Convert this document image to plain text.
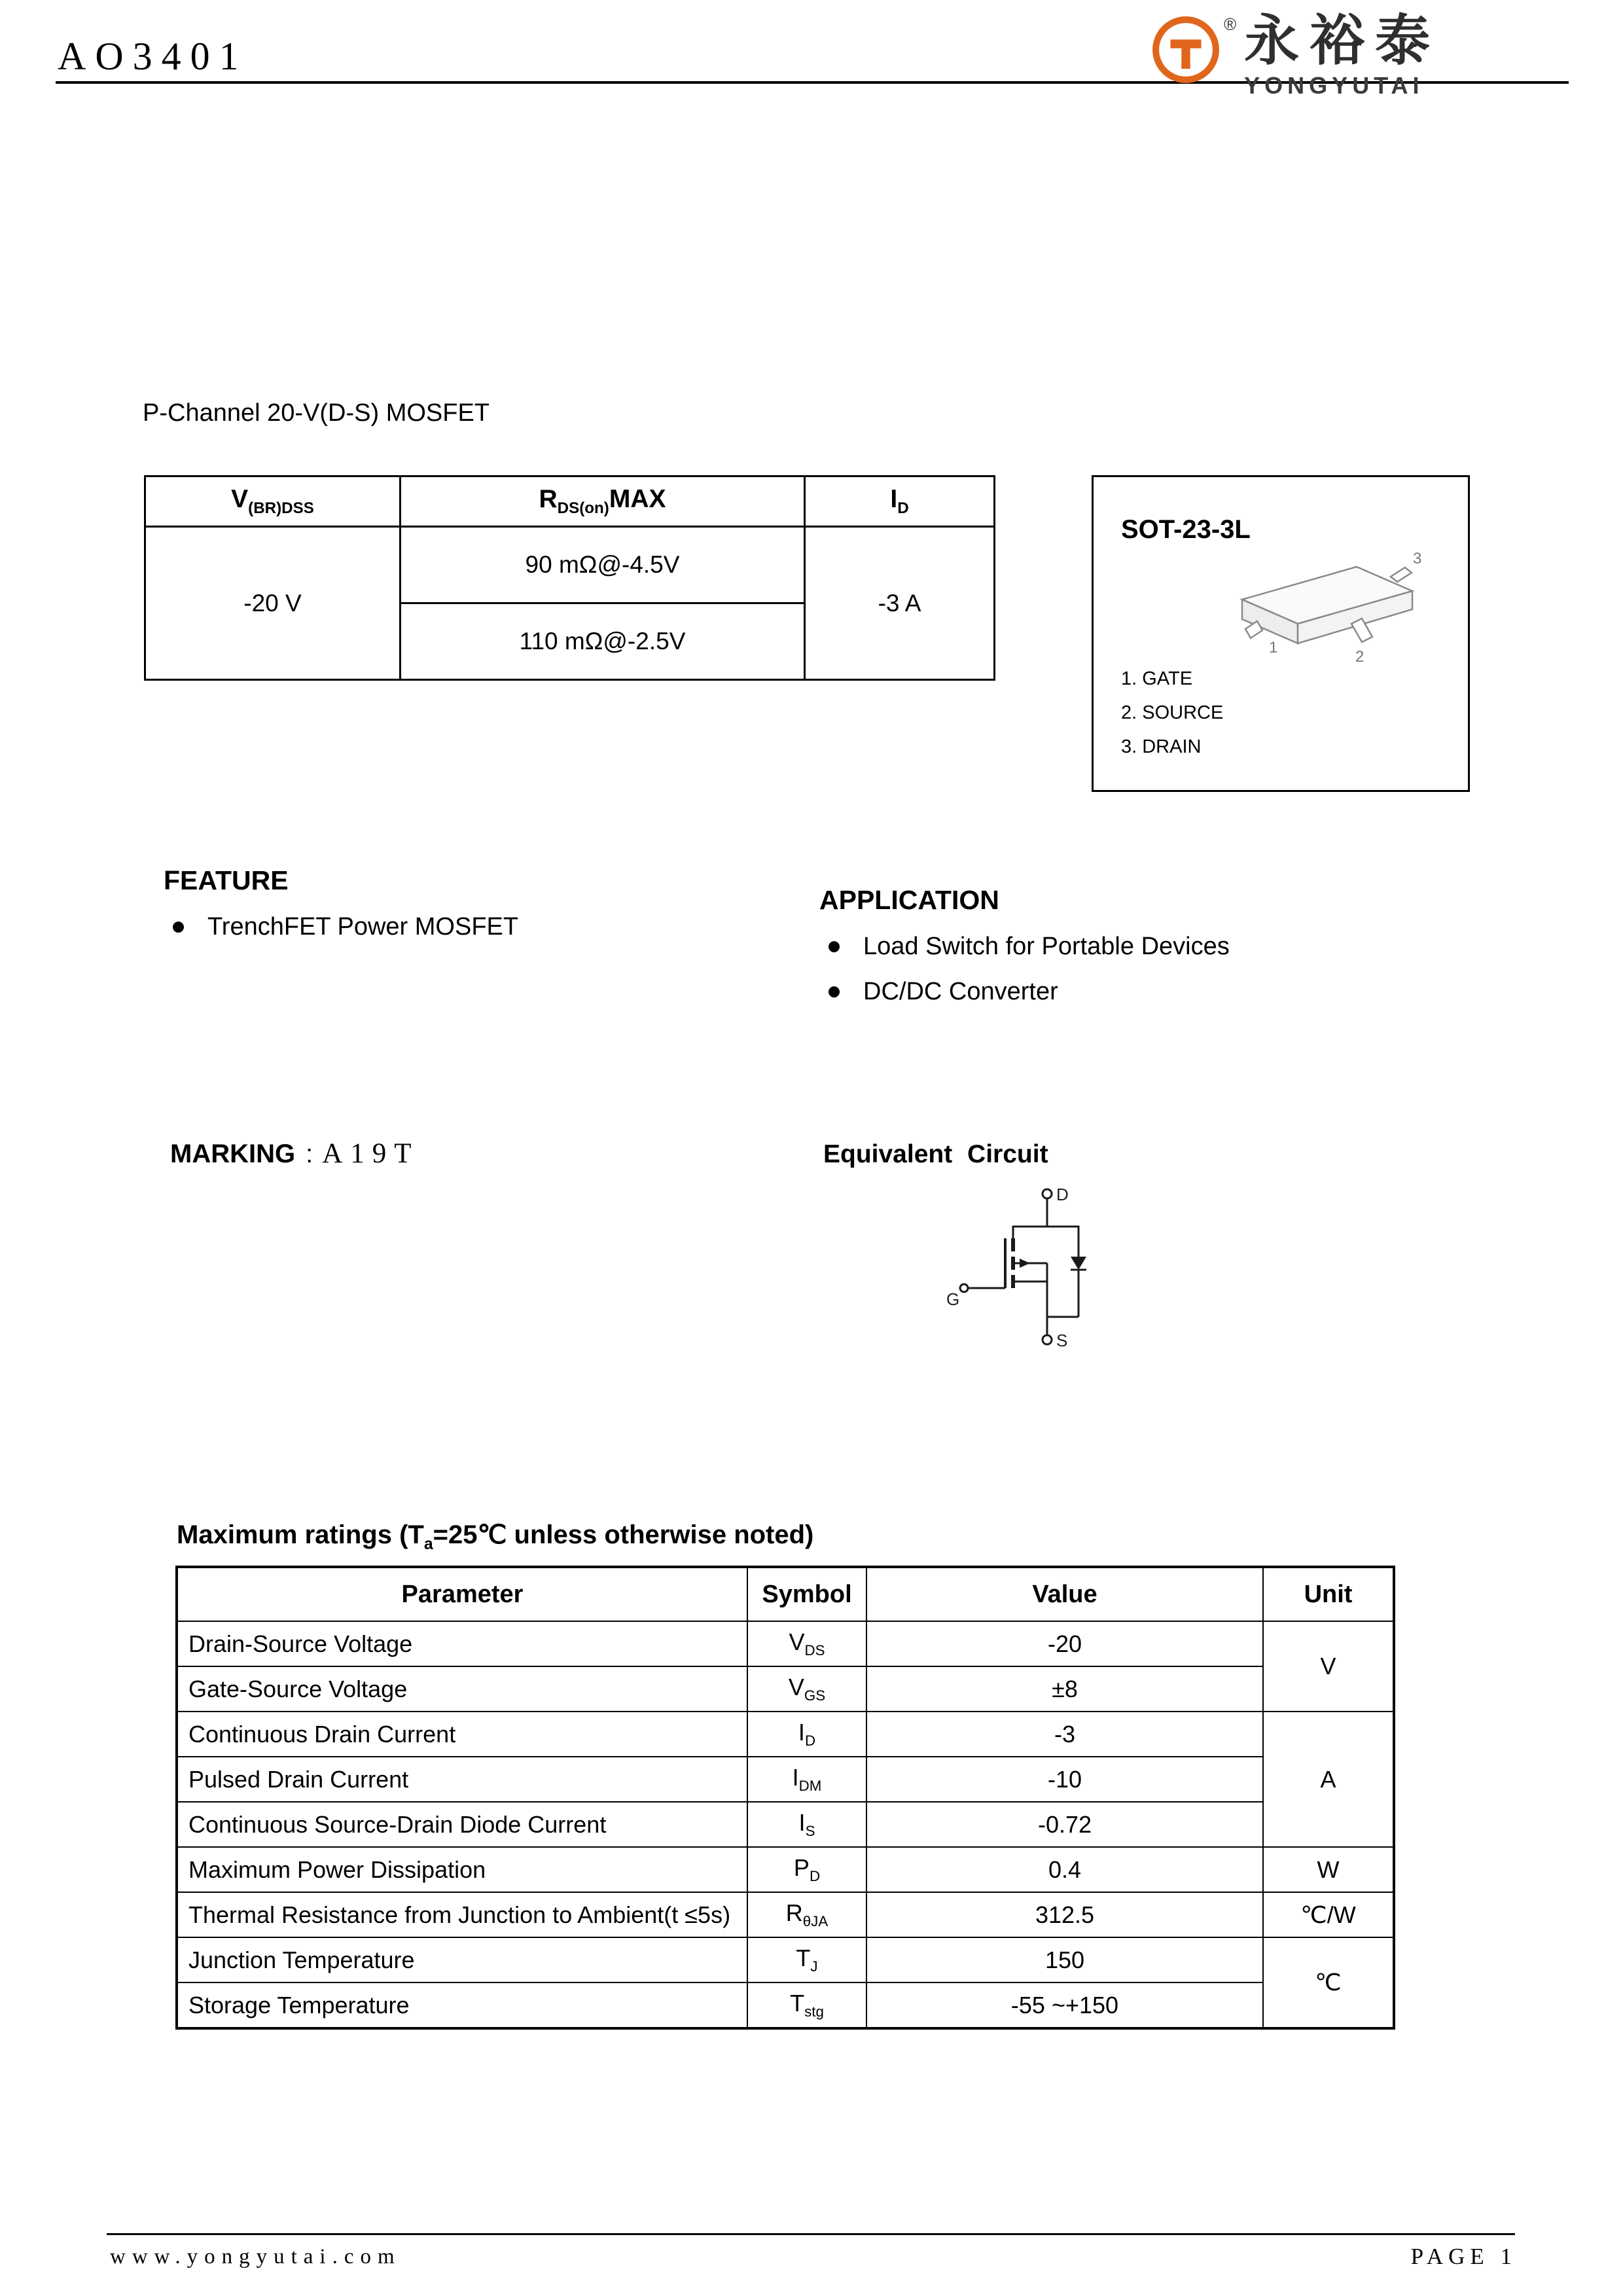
AO3401
® 永裕泰
YONGYUTAI
P-Channel 20-V(D-S) MOSFET
$V_{(BR)DSS}$	$R_{DS(on)}MAX$	$I_D$
-20 V	90 mΩ@-4.5V	-3 A
	110 mΩ@-2.5V	
SOT-23-3L
1
2
3
1. GATE
2. SOURCE
3. DRAIN
FEATURE
TrenchFET Power MOSFET
APPLICATION
Load Switch for Portable Devices
DC/DC Converter
MARKING : A19T	Equivalent Circuit
D
G
S
Maximum ratings ($T_a=25℃$ unless otherwise noted)
Parameter	Symbol	Value	Unit
Drain-Source Voltage	$V_{DS}$	-20	V
Gate-Source Voltage	$V_{GS}$	±8	
Continuous Drain Current	$I_D$	-3	A
Pulsed Drain Current	$I_{DM}$	-10	
Continuous Source-Drain Diode Current	$I_S$	-0.72	
Maximum Power Dissipation	$P_D$	0.4	W
Thermal Resistance from Junction to Ambient(t ≤5s)	$R_{\theta JA}$	312.5	℃/W
Junction Temperature	$T_J$	150	℃
Storage Temperature	$T_{stg}$	-55 ~+150	
www.yongyutai.com	PAGE 1
